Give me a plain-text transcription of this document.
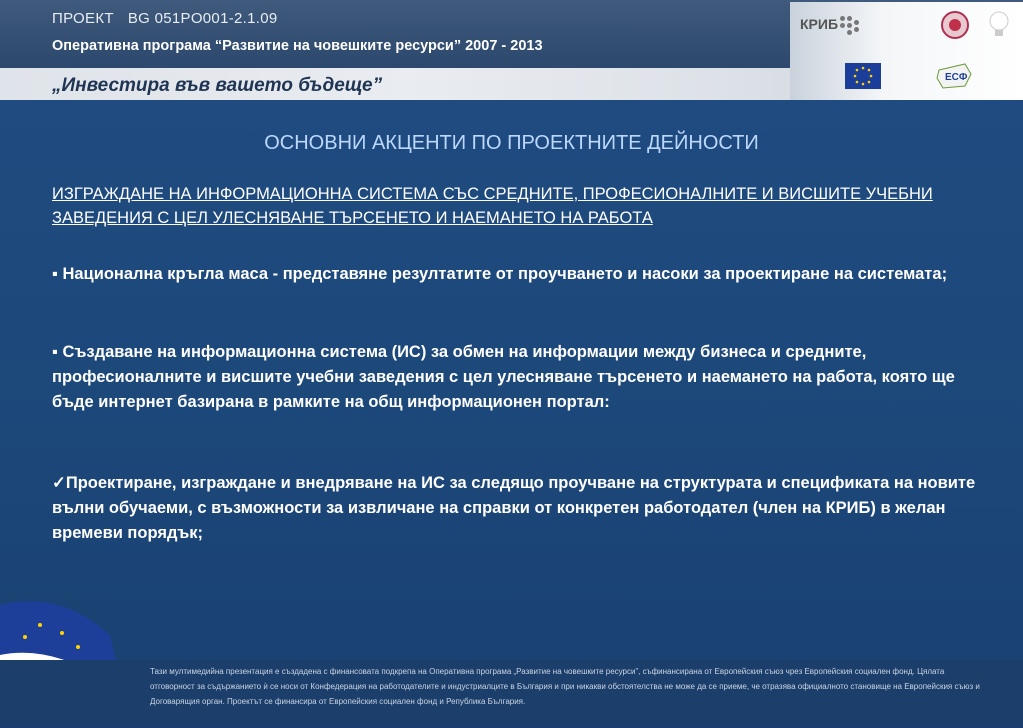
ПРОЕКТ BG 051PO001-2.1.09
Оперативна програма “Развитие на човешките ресурси” 2007 - 2013
„Инвестира във вашето бъдеще”
КРИБ
ЕСФ
ОСНОВНИ АКЦЕНТИ ПО ПРОЕКТНИТЕ ДЕЙНОСТИ
ИЗГРАЖДАНЕ НА ИНФОРМАЦИОННА СИСТЕМА СЪС СРЕДНИТЕ, ПРОФЕСИОНАЛНИТЕ И ВИСШИТЕ УЧЕБНИ ЗАВЕДЕНИЯ С ЦЕЛ УЛЕСНЯВАНЕ ТЪРСЕНЕТО И НАЕМАНЕТО НА РАБОТА
▪ Национална кръгла маса - представяне резултатите от проучването и насоки за проектиране на системата;
▪ Създаване на информационна система (ИС) за обмен на информации между бизнеса и средните, професионалните и висшите учебни заведения с цел улесняване търсенето и наемането на работа, която ще бъде интернет базирана в рамките на общ информационен портал:
✓Проектиране, изграждане и внедряване на ИС за следящо проучване на структурата и спецификата на новите вълни обучаеми, с възможности за извличане на справки от конкретен работодател (член на КРИБ) в желан времеви порядък;
Тази мултимедийна презентация е създадена с финансовата подкрепа на Оперативна програма „Развитие на човешките ресурси”, съфинансирана от Европейския съюз чрез Европейския социален фонд. Цялата отговорност за съдържанието ѝ се носи от Конфедерация на работодателите и индустриалците в България и при никакви обстоятелства не може да се приеме, че отразява официалното становище на Европейския съюз и Договарящия орган. Проектът се финансира от Европейския социален фонд и Република България.
